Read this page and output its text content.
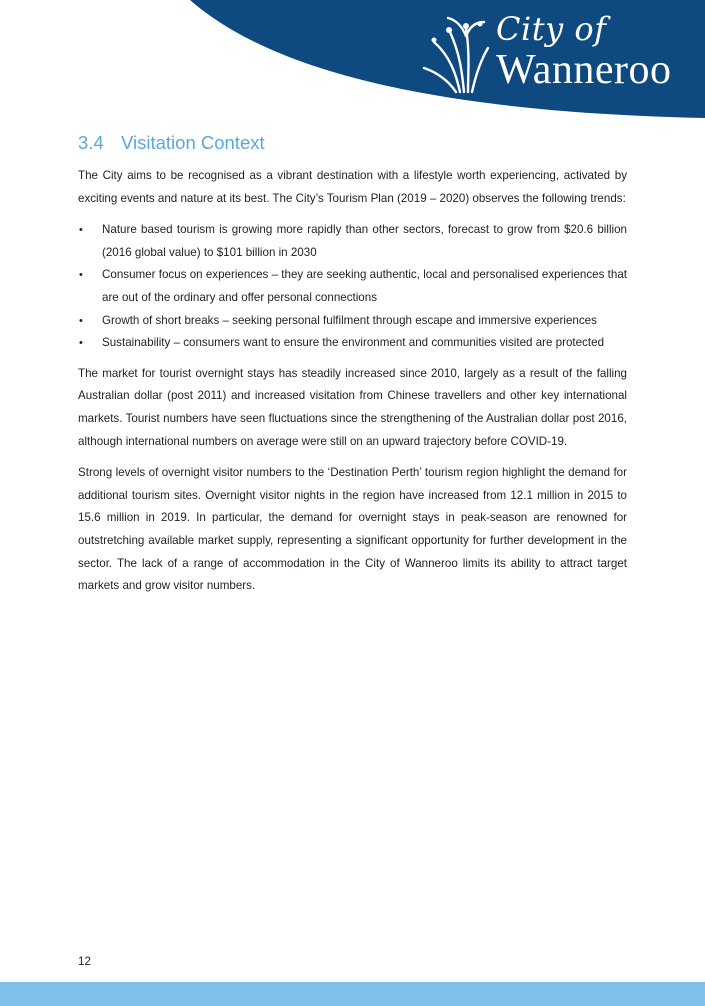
City of
Wanneroo
3.4 Visitation Context

The City aims to be recognised as a vibrant destination with a lifestyle worth experiencing, activated by exciting events and nature at its best. The City’s Tourism Plan (2019 – 2020) observes the following trends:

• Nature based tourism is growing more rapidly than other sectors, forecast to grow from $20.6 billion (2016 global value) to $101 billion in 2030
• Consumer focus on experiences – they are seeking authentic, local and personalised experiences that are out of the ordinary and offer personal connections
• Growth of short breaks – seeking personal fulfilment through escape and immersive experiences
• Sustainability – consumers want to ensure the environment and communities visited are protected

The market for tourist overnight stays has steadily increased since 2010, largely as a result of the falling Australian dollar (post 2011) and increased visitation from Chinese travellers and other key international markets. Tourist numbers have seen fluctuations since the strengthening of the Australian dollar post 2016, although international numbers on average were still on an upward trajectory before COVID-19.

Strong levels of overnight visitor numbers to the ‘Destination Perth’ tourism region highlight the demand for additional tourism sites. Overnight visitor nights in the region have increased from 12.1 million in 2015 to 15.6 million in 2019. In particular, the demand for overnight stays in peak-season are renowned for outstretching available market supply, representing a significant opportunity for further development in the sector. The lack of a range of accommodation in the City of Wanneroo limits its ability to attract target markets and grow visitor numbers.

12
